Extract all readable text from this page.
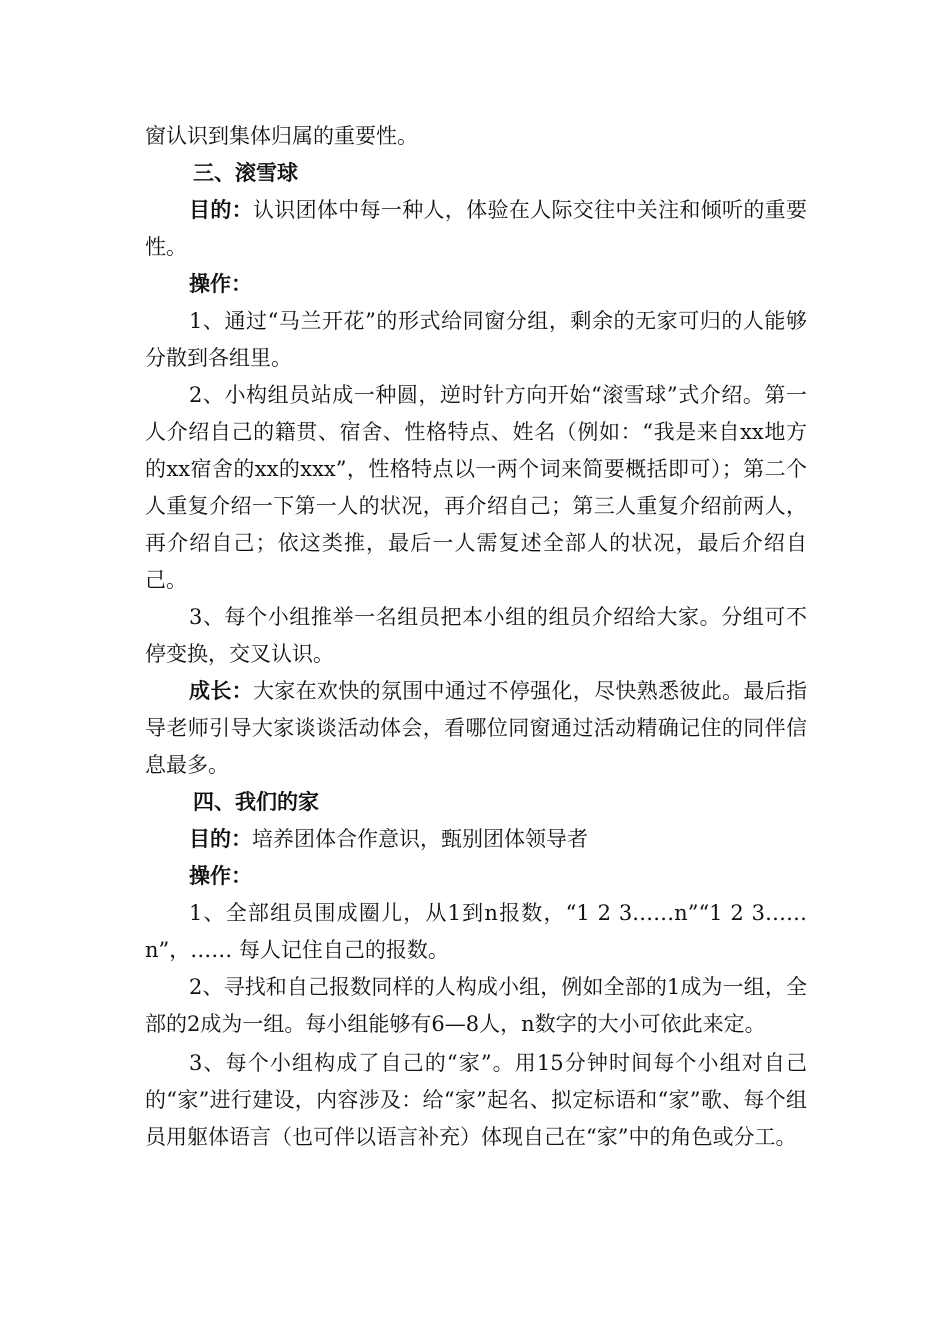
窗认识到集体归属的重要性。

三、滚雪球

目的：认识团体中每一种人，体验在人际交往中关注和倾听的重要性。

操作：

1、通过“马兰开花”的形式给同窗分组，剩余的无家可归的人能够分散到各组里。

2、小构组员站成一种圆，逆时针方向开始“滚雪球”式介绍。第一人介绍自己的籍贯、宿舍、性格特点、姓名（例如：“我是来自xx地方的xx宿舍的xx的xxx”，性格特点以一两个词来简要概括即可）；第二个人重复介绍一下第一人的状况，再介绍自己；第三人重复介绍前两人，再介绍自己；依这类推，最后一人需复述全部人的状况，最后介绍自己。

3、每个小组推举一名组员把本小组的组员介绍给大家。分组可不停变换，交叉认识。

成长：大家在欢快的氛围中通过不停强化，尽快熟悉彼此。最后指导老师引导大家谈谈活动体会，看哪位同窗通过活动精确记住的同伴信息最多。

四、我们的家

目的：培养团体合作意识，甄别团体领导者

操作：

1、全部组员围成圈儿，从1到n报数，“1 2 3……n”“1 2 3……n”，…… 每人记住自己的报数。

2、寻找和自己报数同样的人构成小组，例如全部的1成为一组，全部的2成为一组。每小组能够有6—8人，n数字的大小可依此来定。

3、每个小组构成了自己的“家”。用15分钟时间每个小组对自己的“家”进行建设，内容涉及：给“家”起名、拟定标语和“家”歌、每个组员用躯体语言（也可伴以语言补充）体现自己在“家”中的角色或分工。
